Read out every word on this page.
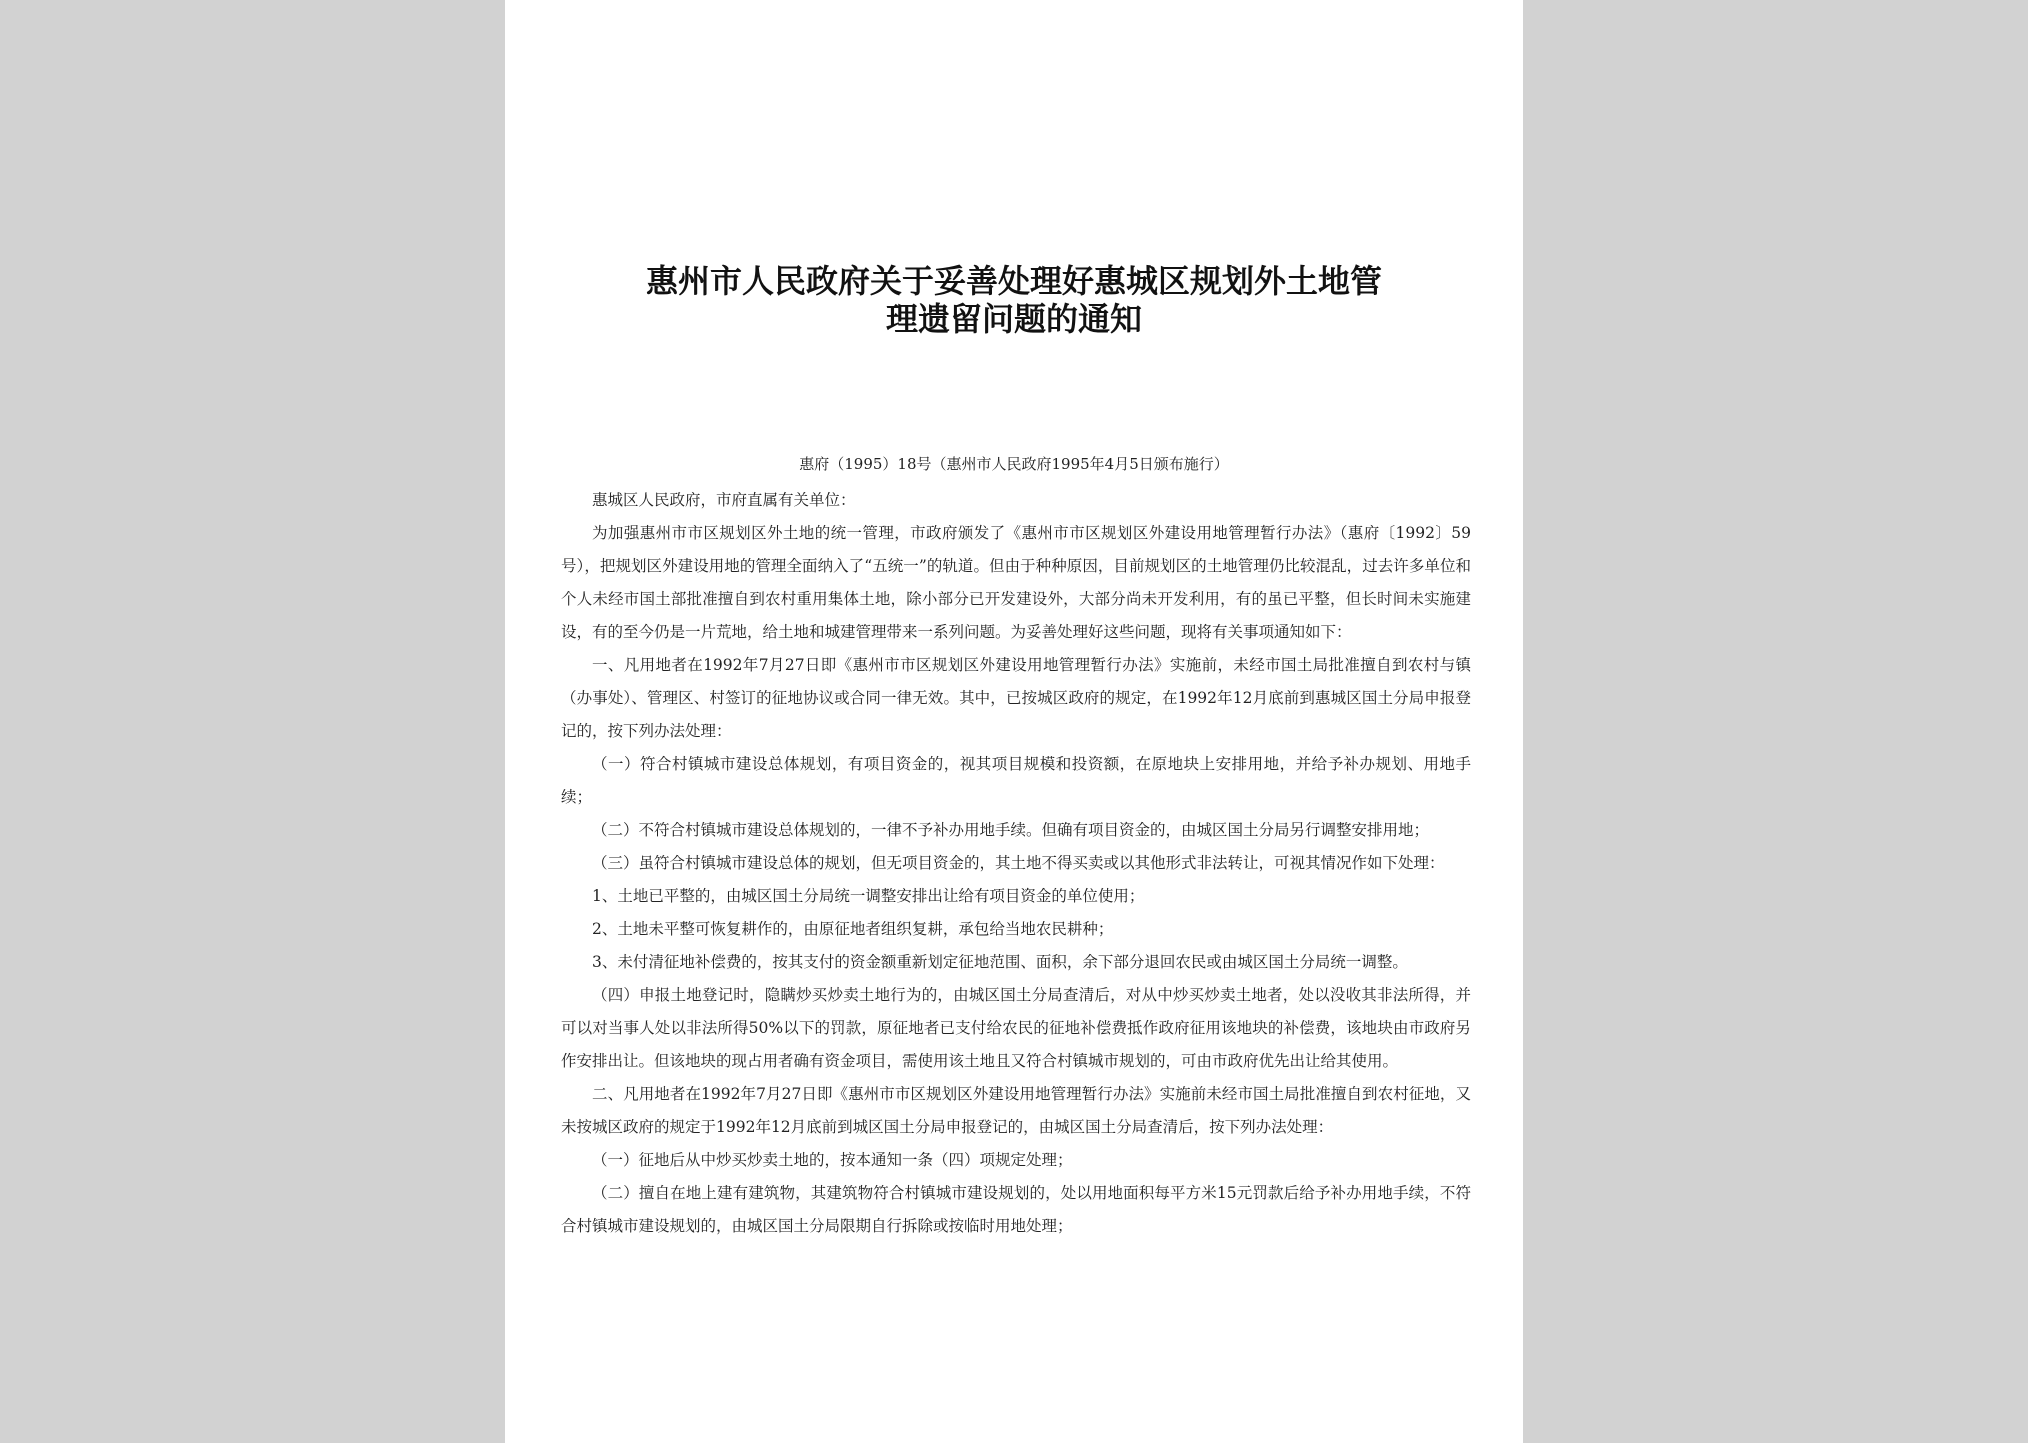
惠州市人民政府关于妥善处理好惠城区规划外土地管
理遗留问题的通知
惠府（1995）18号（惠州市人民政府1995年4月5日颁布施行）

惠城区人民政府，市府直属有关单位：

为加强惠州市市区规划区外土地的统一管理，市政府颁发了《惠州市市区规划区外建设用地管理暂行办法》（惠府〔1992〕59号），把规划区外建设用地的管理全面纳入了“五统一”的轨道。但由于种种原因，目前规划区的土地管理仍比较混乱，过去许多单位和个人未经市国土部批准擅自到农村重用集体土地，除小部分已开发建设外，大部分尚未开发利用，有的虽已平整，但长时间未实施建设，有的至今仍是一片荒地，给土地和城建管理带来一系列问题。为妥善处理好这些问题，现将有关事项通知如下：

一、凡用地者在1992年7月27日即《惠州市市区规划区外建设用地管理暂行办法》实施前，未经市国土局批准擅自到农村与镇（办事处）、管理区、村签订的征地协议或合同一律无效。其中，已按城区政府的规定，在1992年12月底前到惠城区国土分局申报登记的，按下列办法处理：

（一）符合村镇城市建设总体规划，有项目资金的，视其项目规模和投资额，在原地块上安排用地，并给予补办规划、用地手续；

（二）不符合村镇城市建设总体规划的，一律不予补办用地手续。但确有项目资金的，由城区国土分局另行调整安排用地；

（三）虽符合村镇城市建设总体的规划，但无项目资金的，其土地不得买卖或以其他形式非法转让，可视其情况作如下处理：

1、土地已平整的，由城区国土分局统一调整安排出让给有项目资金的单位使用；

2、土地未平整可恢复耕作的，由原征地者组织复耕，承包给当地农民耕种；

3、未付清征地补偿费的，按其支付的资金额重新划定征地范围、面积，余下部分退回农民或由城区国土分局统一调整。

（四）申报土地登记时，隐瞒炒买炒卖土地行为的，由城区国土分局查清后，对从中炒买炒卖土地者，处以没收其非法所得，并可以对当事人处以非法所得50%以下的罚款，原征地者已支付给农民的征地补偿费抵作政府征用该地块的补偿费，该地块由市政府另作安排出让。但该地块的现占用者确有资金项目，需使用该土地且又符合村镇城市规划的，可由市政府优先出让给其使用。

二、凡用地者在1992年7月27日即《惠州市市区规划区外建设用地管理暂行办法》实施前未经市国土局批准擅自到农村征地，又未按城区政府的规定于1992年12月底前到城区国土分局申报登记的，由城区国土分局查清后，按下列办法处理：

（一）征地后从中炒买炒卖土地的，按本通知一条（四）项规定处理；

（二）擅自在地上建有建筑物，其建筑物符合村镇城市建设规划的，处以用地面积每平方米15元罚款后给予补办用地手续，不符合村镇城市建设规划的，由城区国土分局限期自行拆除或按临时用地处理；
